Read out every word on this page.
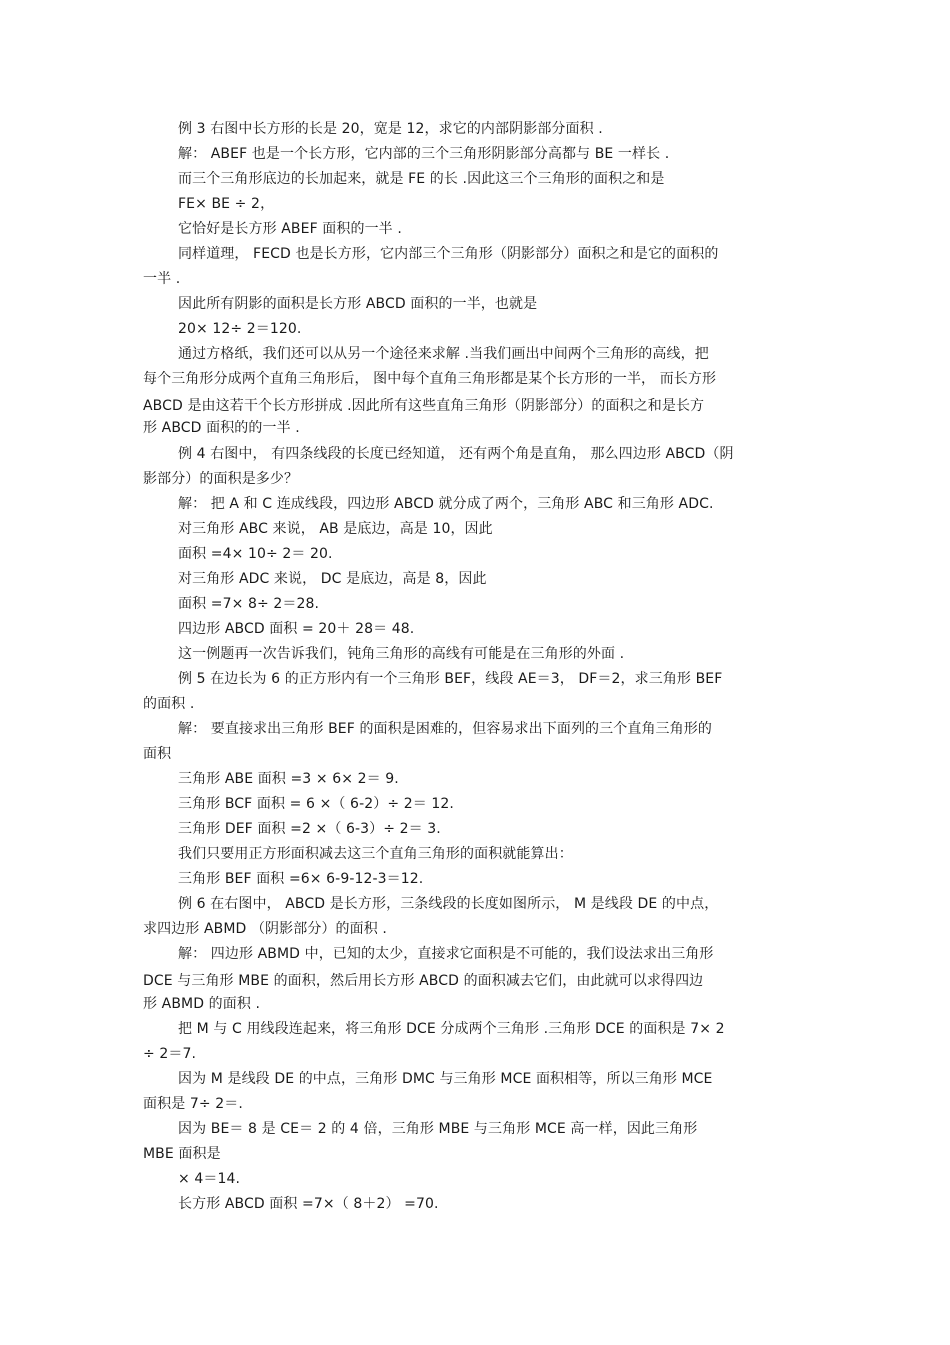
例 3 右图中长方形的长是 20，宽是 12，求它的内部阴影部分面积 .
解： ABEF 也是一个长方形，它内部的三个三角形阴影部分高都与 BE 一样长 .
而三个三角形底边的长加起来，就是 FE 的长 .因此这三个三角形的面积之和是
FE× BE ÷ 2，
它恰好是长方形 ABEF 面积的一半 .
同样道理， FECD 也是长方形，它内部三个三角形（阴影部分）面积之和是它的面积的
一半 .
因此所有阴影的面积是长方形 ABCD 面积的一半，也就是
20× 12÷ 2＝120.
通过方格纸，我们还可以从另一个途径来求解 .当我们画出中间两个三角形的高线，把
每个三角形分成两个直角三角形后， 图中每个直角三角形都是某个长方形的一半， 而长方形
ABCD 是由这若干个长方形拼成 .因此所有这些直角三角形（阴影部分）的面积之和是长方
形 ABCD 面积的的一半 .
例 4 右图中， 有四条线段的长度已经知道， 还有两个角是直角， 那么四边形 ABCD（阴
影部分）的面积是多少？
解： 把 A 和 C 连成线段，四边形 ABCD 就分成了两个，三角形 ABC 和三角形 ADC.
对三角形 ABC 来说， AB 是底边，高是 10，因此
面积 =4× 10÷ 2＝ 20.
对三角形 ADC 来说， DC 是底边，高是 8，因此
面积 =7× 8÷ 2＝28.
四边形 ABCD 面积 = 20＋ 28＝ 48.
这一例题再一次告诉我们，钝角三角形的高线有可能是在三角形的外面 .
例 5 在边长为 6 的正方形内有一个三角形 BEF，线段 AE＝3， DF＝2，求三角形 BEF
的面积 .
解： 要直接求出三角形 BEF 的面积是困难的，但容易求出下面列的三个直角三角形的
面积
三角形 ABE 面积 =3 × 6× 2＝ 9.
三角形 BCF 面积 = 6 ×（ 6-2）÷ 2＝ 12.
三角形 DEF 面积 =2 ×（ 6-3）÷ 2＝ 3.
我们只要用正方形面积减去这三个直角三角形的面积就能算出：
三角形 BEF 面积 =6× 6-9-12-3＝12.
例 6 在右图中， ABCD 是长方形，三条线段的长度如图所示， M 是线段 DE 的中点，
求四边形 ABMD （阴影部分）的面积 .
解： 四边形 ABMD 中，已知的太少，直接求它面积是不可能的，我们设法求出三角形
DCE 与三角形 MBE 的面积，然后用长方形 ABCD 的面积减去它们，由此就可以求得四边
形 ABMD 的面积 .
把 M 与 C 用线段连起来，将三角形 DCE 分成两个三角形 .三角形 DCE 的面积是 7× 2
÷ 2＝7.
因为 M 是线段 DE 的中点，三角形 DMC 与三角形 MCE 面积相等，所以三角形 MCE
面积是 7÷ 2＝.
因为 BE＝ 8 是 CE＝ 2 的 4 倍，三角形 MBE 与三角形 MCE 高一样，因此三角形
MBE 面积是
× 4＝14.
长方形 ABCD 面积 =7×（ 8＋2） =70.
